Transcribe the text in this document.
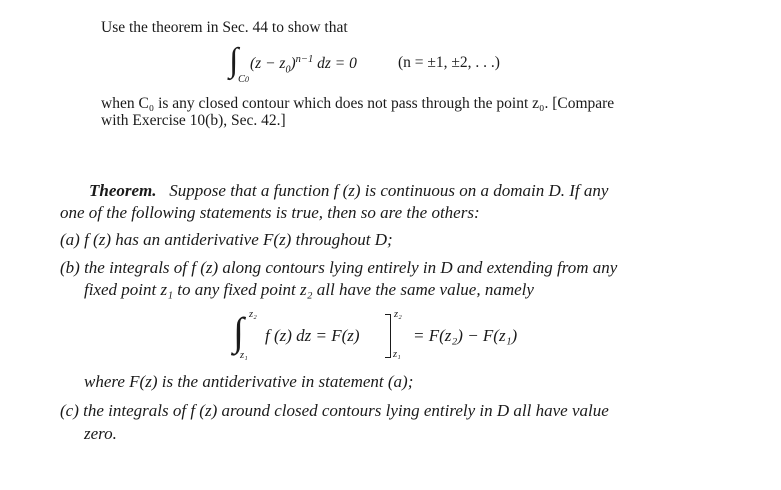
Use the theorem in Sec. 44 to show that
∫
C0
$(z - z_0)^{n-1}$ dz = 0	(n = ±1, ±2, . . .)
when C₀ is any closed contour which does not pass through the point z₀. [Compare
with Exercise 10(b), Sec. 42.]
Theorem. Suppose that a function f (z) is continuous on a domain D. If any
one of the following statements is true, then so are the others:
(a) f (z) has an antiderivative F(z) throughout D;
(b) the integrals of f (z) along contours lying entirely in D and extending from any
fixed point z₁ to any fixed point z₂ all have the same value, namely
∫ z₂
z₁
f (z) dz = F(z)
z₂
z₁
= F(z₂) − F(z₁)
where F(z) is the antiderivative in statement (a);
(c) the integrals of f (z) around closed contours lying entirely in D all have value
zero.
